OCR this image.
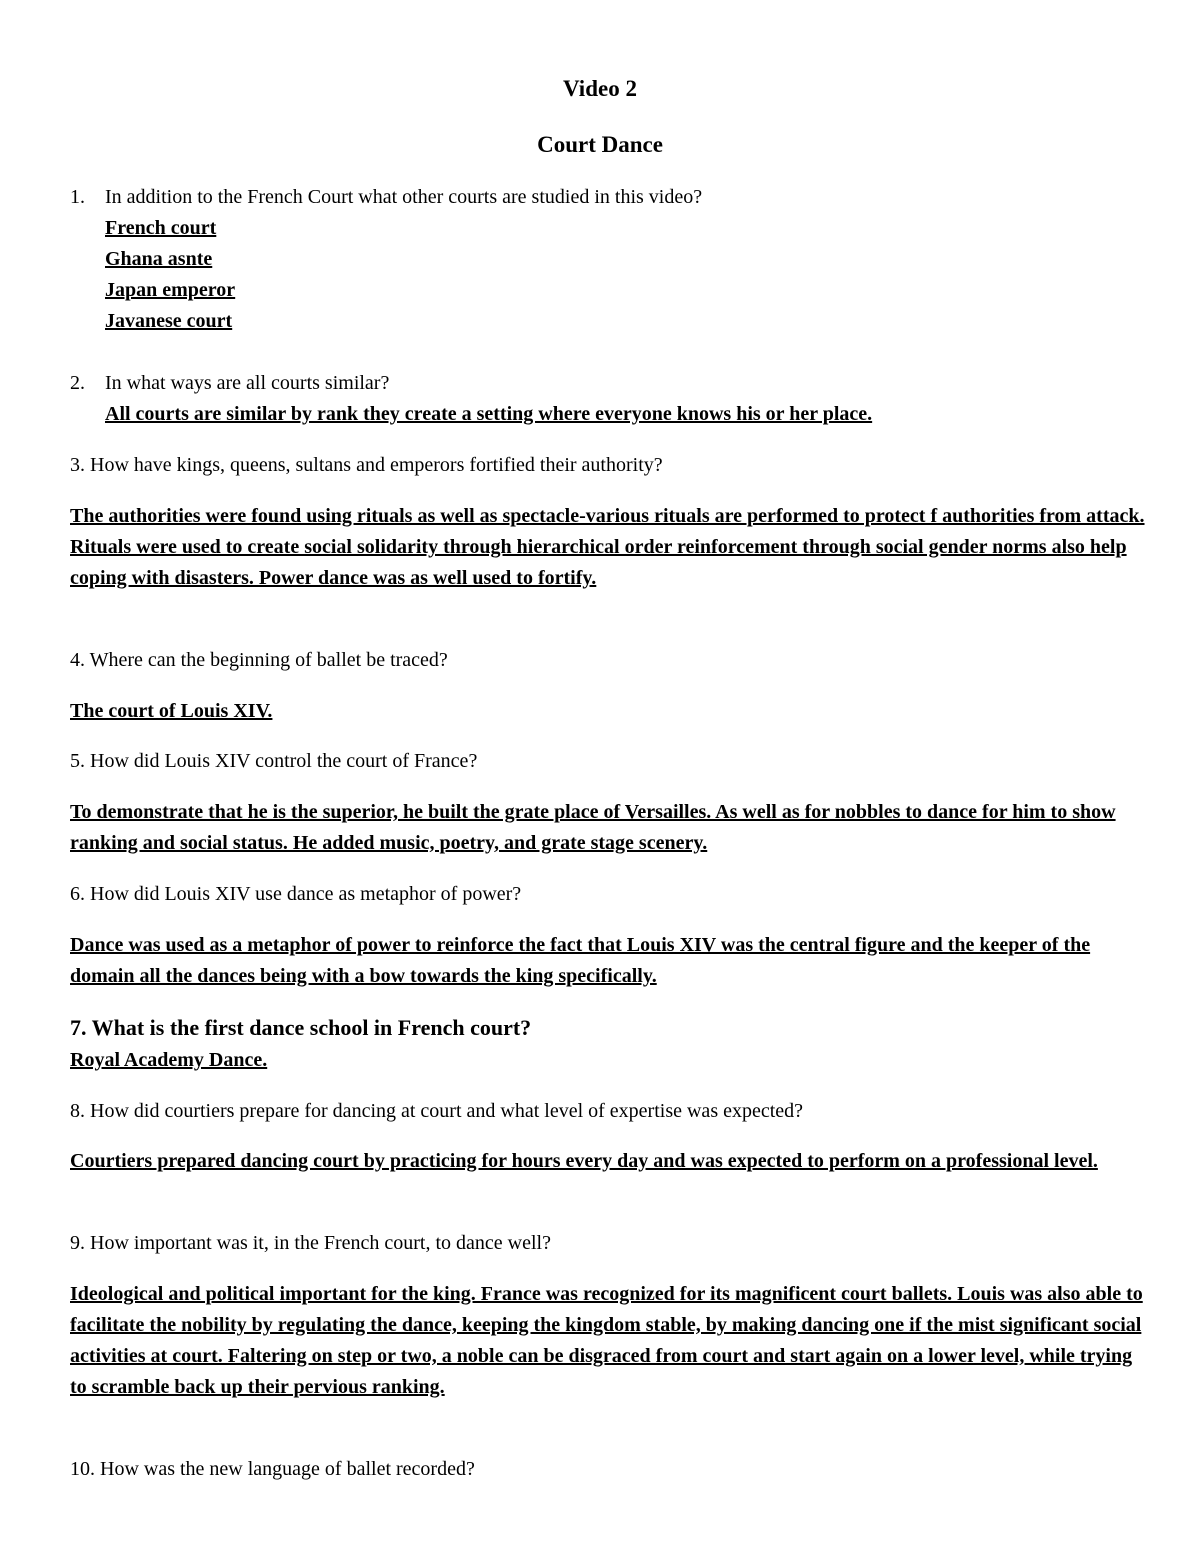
Video 2
Court Dance
1.	In addition to the French Court what other courts are studied in this video?
French court
Ghana asnte
Japan emperor
Javanese court
2.	In what ways are all courts similar?
All courts are similar by rank they create a setting where everyone knows his or her place.
3. How have kings, queens, sultans and emperors fortified their authority?
The authorities were found using rituals as well as spectacle-various rituals are performed to protect f authorities from attack. Rituals were used to create social solidarity through hierarchical order reinforcement through social gender norms also help coping with disasters. Power dance was as well used to fortify.
4. Where can the beginning of ballet be traced?
The court of Louis XIV.
5. How did Louis XIV control the court of France?
To demonstrate that he is the superior, he built the grate place of Versailles. As well as for nobbles to dance for him to show ranking and social status. He added music, poetry, and grate stage scenery.
6. How did Louis XIV use dance as metaphor of power?
Dance was used as a metaphor of power to reinforce the fact that Louis XIV was the central figure and the keeper of the domain all the dances being with a bow towards the king specifically.
7. What is the first dance school in French court?
Royal Academy Dance.
8. How did courtiers prepare for dancing at court and what level of expertise was expected?
Courtiers prepared dancing court by practicing for hours every day and was expected to perform on a professional level.
9. How important was it, in the French court, to dance well?
Ideological and political important for the king. France was recognized for its magnificent court ballets. Louis was also able to facilitate the nobility by regulating the dance, keeping the kingdom stable, by making dancing one if the mist significant social activities at court. Faltering on step or two, a noble can be disgraced from court and start again on a lower level, while trying to scramble back up their pervious ranking.
10. How was the new language of ballet recorded?
